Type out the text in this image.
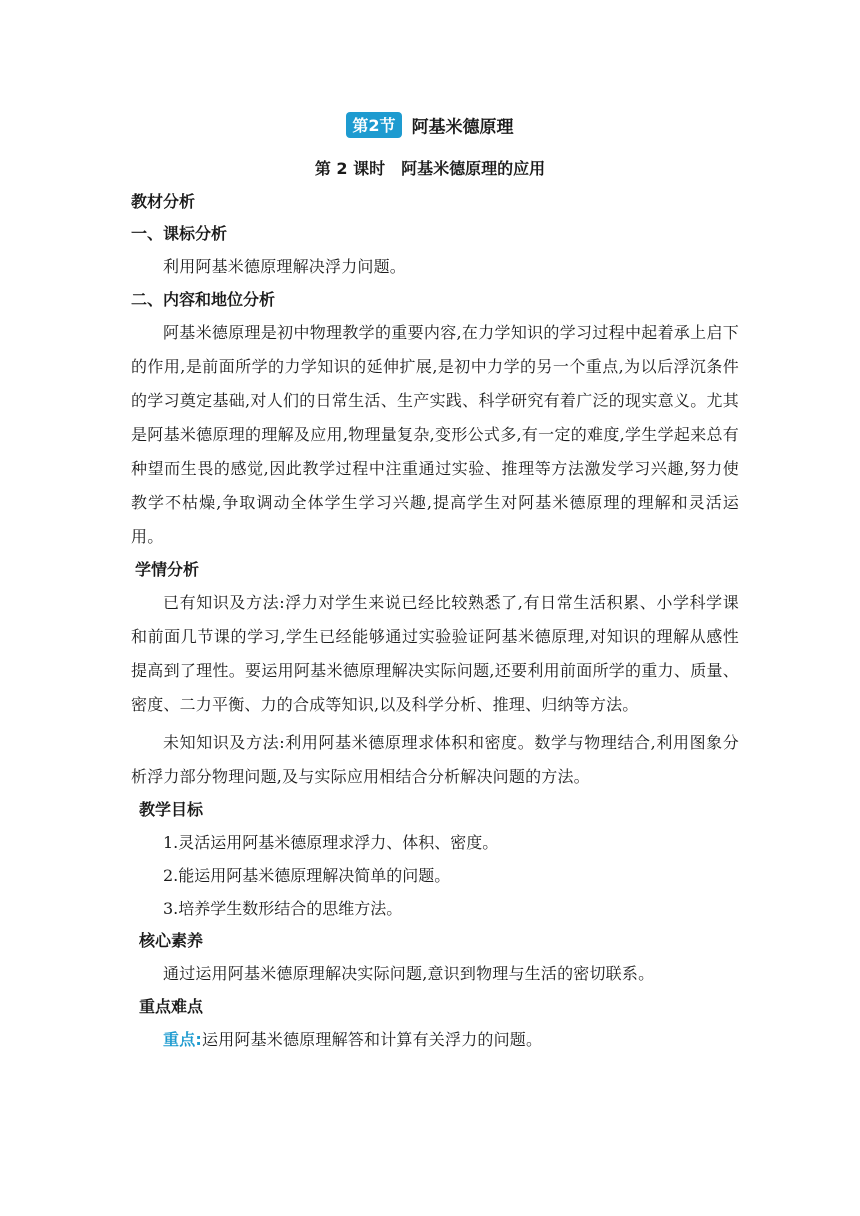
第2节 阿基米德原理
第 2 课时　阿基米德原理的应用

教材分析

一、课标分析

利用阿基米德原理解决浮力问题。

二、内容和地位分析

阿基米德原理是初中物理教学的重要内容,在力学知识的学习过程中起着承上启下的作用,是前面所学的力学知识的延伸扩展,是初中力学的另一个重点,为以后浮沉条件的学习奠定基础,对人们的日常生活、生产实践、科学研究有着广泛的现实意义。尤其是阿基米德原理的理解及应用,物理量复杂,变形公式多,有一定的难度,学生学起来总有种望而生畏的感觉,因此教学过程中注重通过实验、推理等方法激发学习兴趣,努力使教学不枯燥,争取调动全体学生学习兴趣,提高学生对阿基米德原理的理解和灵活运用。

学情分析

已有知识及方法:浮力对学生来说已经比较熟悉了,有日常生活积累、小学科学课和前面几节课的学习,学生已经能够通过实验验证阿基米德原理,对知识的理解从感性提高到了理性。要运用阿基米德原理解决实际问题,还要利用前面所学的重力、质量、密度、二力平衡、力的合成等知识,以及科学分析、推理、归纳等方法。

未知知识及方法:利用阿基米德原理求体积和密度。数学与物理结合,利用图象分析浮力部分物理问题,及与实际应用相结合分析解决问题的方法。

教学目标

1.灵活运用阿基米德原理求浮力、体积、密度。

2.能运用阿基米德原理解决简单的问题。

3.培养学生数形结合的思维方法。

核心素养

通过运用阿基米德原理解决实际问题,意识到物理与生活的密切联系。

重点难点

重点:运用阿基米德原理解答和计算有关浮力的问题。
